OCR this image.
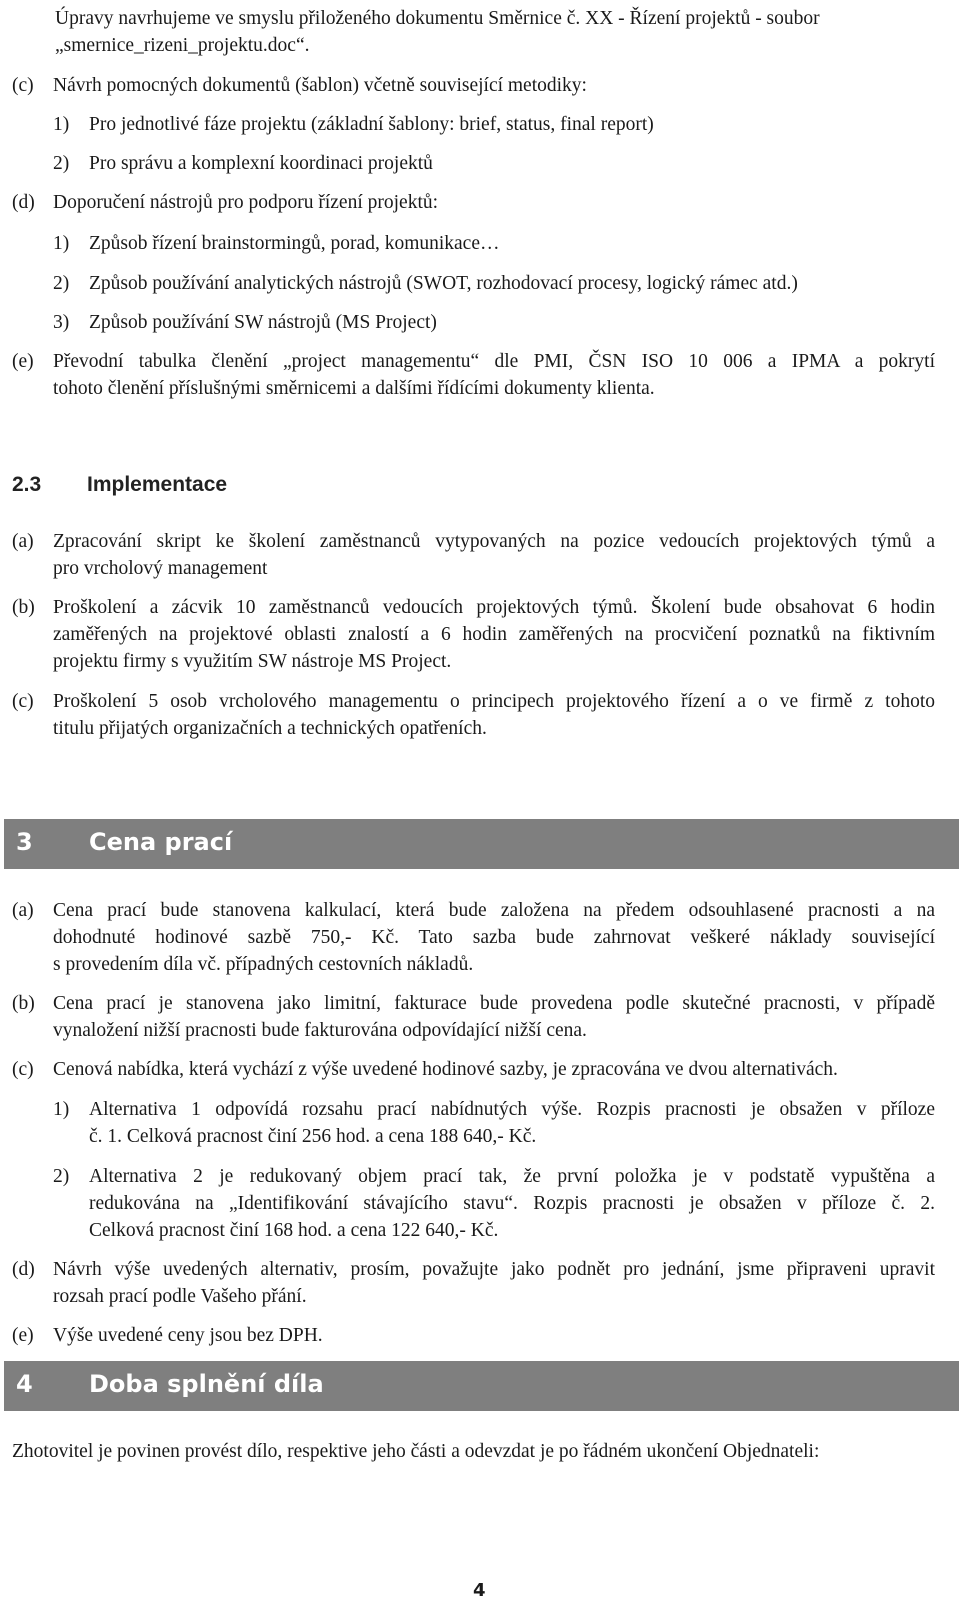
Úpravy navrhujeme ve smyslu přiloženého dokumentu Směrnice č. XX - Řízení projektů - soubor
„smernice_rizeni_projektu.doc“.
(c) Návrh pomocných dokumentů (šablon) včetně související metodiky:
1) Pro jednotlivé fáze projektu (základní šablony: brief, status, final report)
2) Pro správu a komplexní koordinaci projektů
(d) Doporučení nástrojů pro podporu řízení projektů:
1) Způsob řízení brainstormingů, porad, komunikace…
2) Způsob používání analytických nástrojů (SWOT, rozhodovací procesy, logický rámec atd.)
3) Způsob používání SW nástrojů (MS Project)
(e) Převodní tabulka členění „project managementu“ dle PMI, ČSN ISO 10 006 a IPMA a pokrytí
tohoto členění příslušnými směrnicemi a dalšími řídícími dokumenty klienta.
2.3 Implementace
(a) Zpracování skript ke školení zaměstnanců vytypovaných na pozice vedoucích projektových týmů a
pro vrcholový management
(b) Proškolení a zácvik 10 zaměstnanců vedoucích projektových týmů. Školení bude obsahovat 6 hodin
zaměřených na projektové oblasti znalostí a 6 hodin zaměřených na procvičení poznatků na fiktivním
projektu firmy s využitím SW nástroje MS Project.
(c) Proškolení 5 osob vrcholového managementu o principech projektového řízení a o ve firmě z tohoto
titulu přijatých organizačních a technických opatřeních.
3 Cena prací
(a) Cena prací bude stanovena kalkulací, která bude založena na předem odsouhlasené pracnosti a na
dohodnuté hodinové sazbě 750,- Kč. Tato sazba bude zahrnovat veškeré náklady související
s provedením díla vč. případných cestovních nákladů.
(b) Cena prací je stanovena jako limitní, fakturace bude provedena podle skutečné pracnosti, v případě
vynaložení nižší pracnosti bude fakturována odpovídající nižší cena.
(c) Cenová nabídka, která vychází z výše uvedené hodinové sazby, je zpracována ve dvou alternativách.
1) Alternativa 1 odpovídá rozsahu prací nabídnutých výše. Rozpis pracnosti je obsažen v příloze
č. 1. Celková pracnost činí 256 hod. a cena 188 640,- Kč.
2) Alternativa 2 je redukovaný objem prací tak, že první položka je v podstatě vypuštěna a
redukována na „Identifikování stávajícího stavu“. Rozpis pracnosti je obsažen v příloze č. 2.
Celková pracnost činí 168 hod. a cena 122 640,- Kč.
(d) Návrh výše uvedených alternativ, prosím, považujte jako podnět pro jednání, jsme připraveni upravit
rozsah prací podle Vašeho přání.
(e) Výše uvedené ceny jsou bez DPH.
4 Doba splnění díla
Zhotovitel je povinen provést dílo, respektive jeho části a odevzdat je po řádném ukončení Objednateli:
4
